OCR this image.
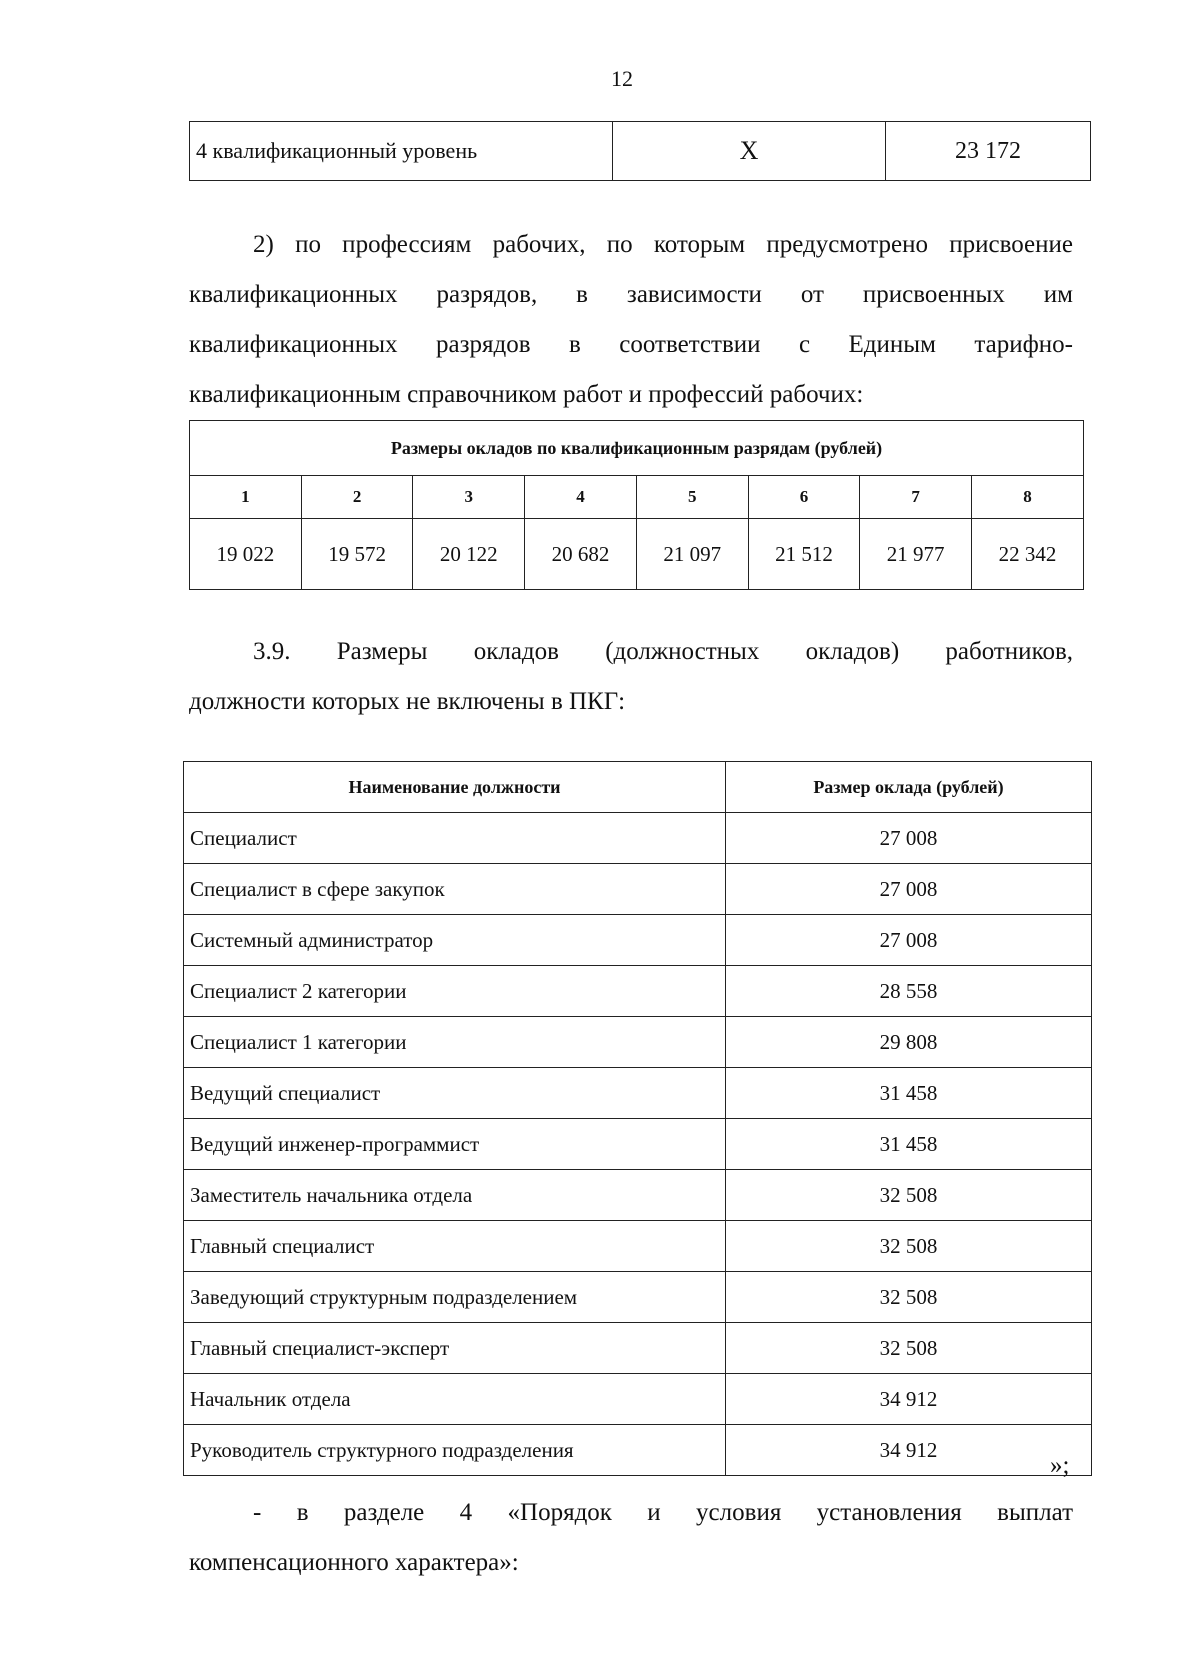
12
4 квалификационный уровень	X	23 172
2) по профессиям рабочих, по которым предусмотрено присвоение
квалификационных разрядов, в зависимости от присвоенных им
квалификационных разрядов в соответствии с Единым тарифно-
квалификационным справочником работ и профессий рабочих:
Размеры окладов по квалификационным разрядам (рублей)							
1	2	3	4	5	6	7	8
19 022	19 572	20 122	20 682	21 097	21 512	21 977	22 342
3.9. Размеры окладов (должностных окладов) работников,
должности которых не включены в ПКГ:
Наименование должности	Размер оклада (рублей)
Специалист	27 008
Специалист в сфере закупок	27 008
Системный администратор	27 008
Специалист 2 категории	28 558
Специалист 1 категории	29 808
Ведущий специалист	31 458
Ведущий инженер-программист	31 458
Заместитель начальника отдела	32 508
Главный специалист	32 508
Заведующий структурным подразделением	32 508
Главный специалист-эксперт	32 508
Начальник отдела	34 912
Руководитель структурного подразделения	34 912
»;
- в разделе 4 «Порядок и условия установления выплат
компенсационного характера»:
